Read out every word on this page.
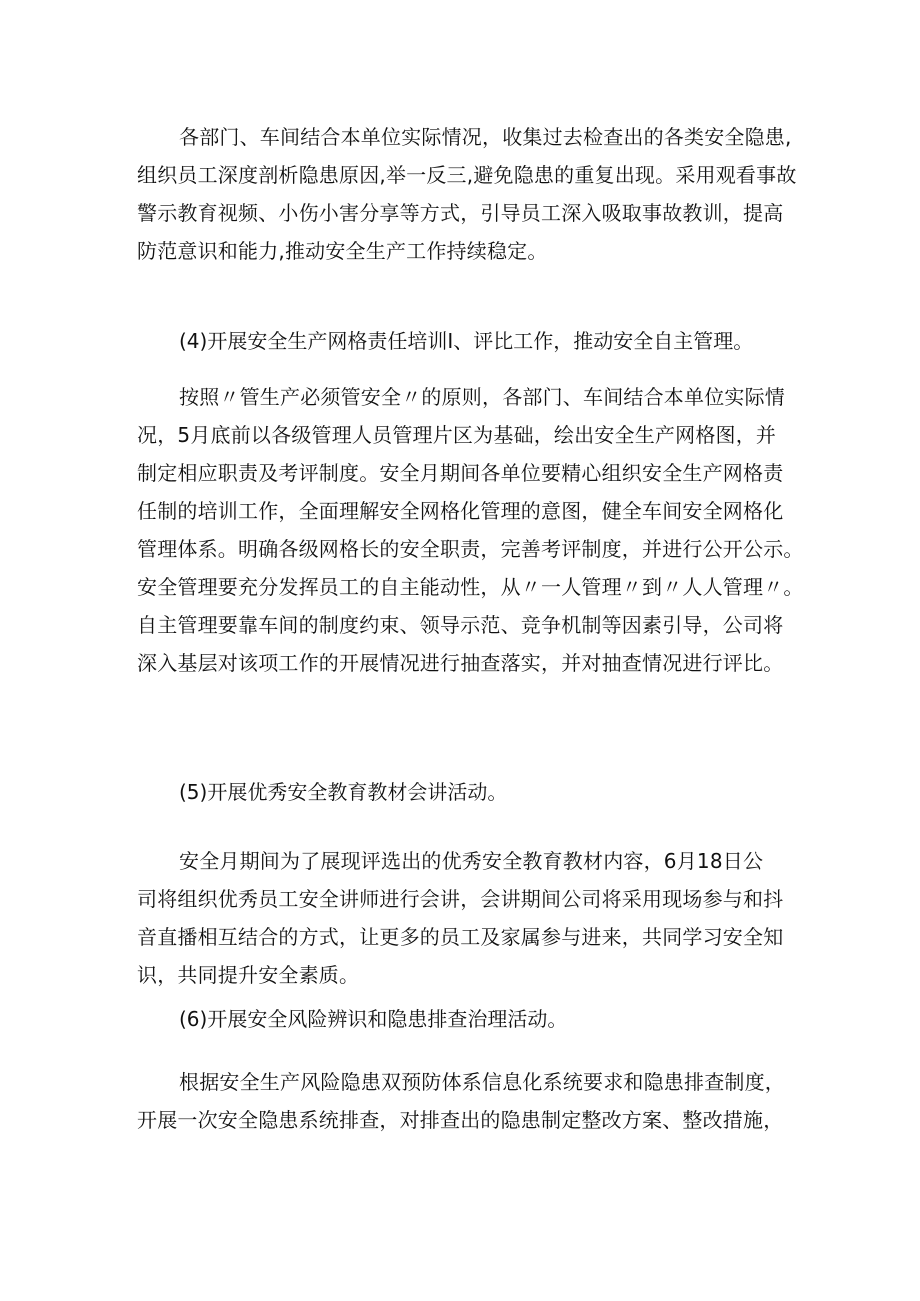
各部门、车间结合本单位实际情况，收集过去检查出的各类安全隐患,
组织员工深度剖析隐患原因,举一反三,避免隐患的重复出现。采用观看事故
警示教育视频、小伤小害分享等方式，引导员工深入吸取事故教训，提高
防范意识和能力,推动安全生产工作持续稳定。

(4)开展安全生产网格责任培训Ⅰ、评比工作，推动安全自主管理。

按照〃管生产必须管安全〃的原则，各部门、车间结合本单位实际情
况，5月底前以各级管理人员管理片区为基础，绘出安全生产网格图，并
制定相应职责及考评制度。安全月期间各单位要精心组织安全生产网格责
任制的培训工作，全面理解安全网格化管理的意图，健全车间安全网格化
管理体系。明确各级网格长的安全职责，完善考评制度，并进行公开公示。
安全管理要充分发挥员工的自主能动性，从〃一人管理〃到〃人人管理〃。
自主管理要靠车间的制度约束、领导示范、竞争机制等因素引导，公司将
深入基层对该项工作的开展情况进行抽查落实，并对抽查情况进行评比。

(5)开展优秀安全教育教材会讲活动。

安全月期间为了展现评选出的优秀安全教育教材内容，6月18日公
司将组织优秀员工安全讲师进行会讲，会讲期间公司将采用现场参与和抖
音直播相互结合的方式，让更多的员工及家属参与进来，共同学习安全知
识，共同提升安全素质。

(6)开展安全风险辨识和隐患排查治理活动。

根据安全生产风险隐患双预防体系信息化系统要求和隐患排查制度，
开展一次安全隐患系统排查，对排查出的隐患制定整改方案、整改措施，
